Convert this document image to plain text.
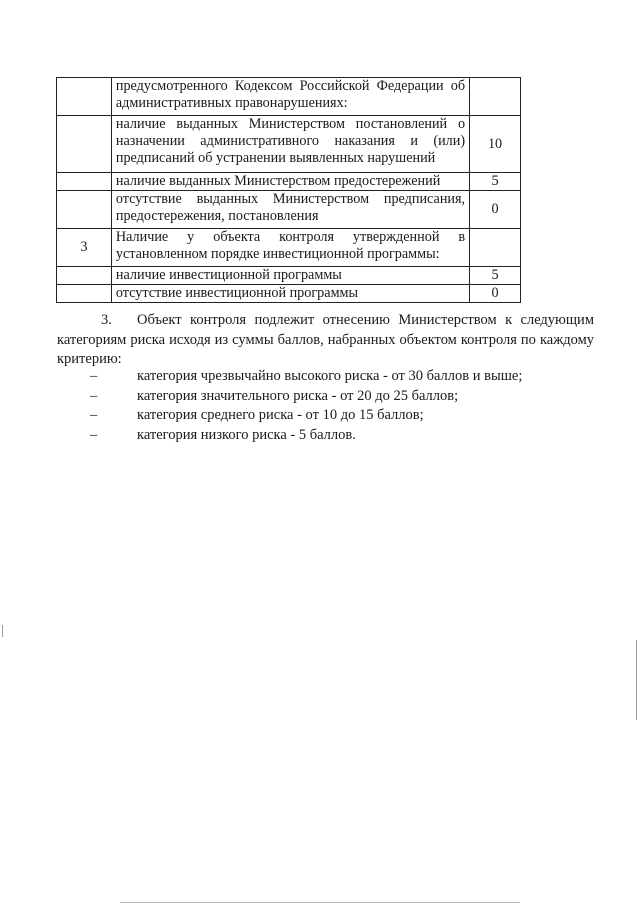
	предусмотренного Кодексом Российской Федерации об административных правонарушениях:	
	наличие выданных Министерством постановлений о назначении административного наказания и (или) предписаний об устранении выявленных нарушений	10
	наличие выданных Министерством предостережений	5
	отсутствие выданных Министерством предписания, предостережения, постановления	0
3	Наличие у объекта контроля утвержденной в установленном порядке инвестиционной программы:	
	наличие инвестиционной программы	5
	отсутствие инвестиционной программы	0
3. Объект контроля подлежит отнесению Министерством к следующим категориям риска исходя из суммы баллов, набранных объектом контроля по каждому критерию:
–	категория чрезвычайно высокого риска - от 30 баллов и выше;
–	категория значительного риска - от 20 до 25 баллов;
–	категория среднего риска - от 10 до 15 баллов;
–	категория низкого риска - 5 баллов.
